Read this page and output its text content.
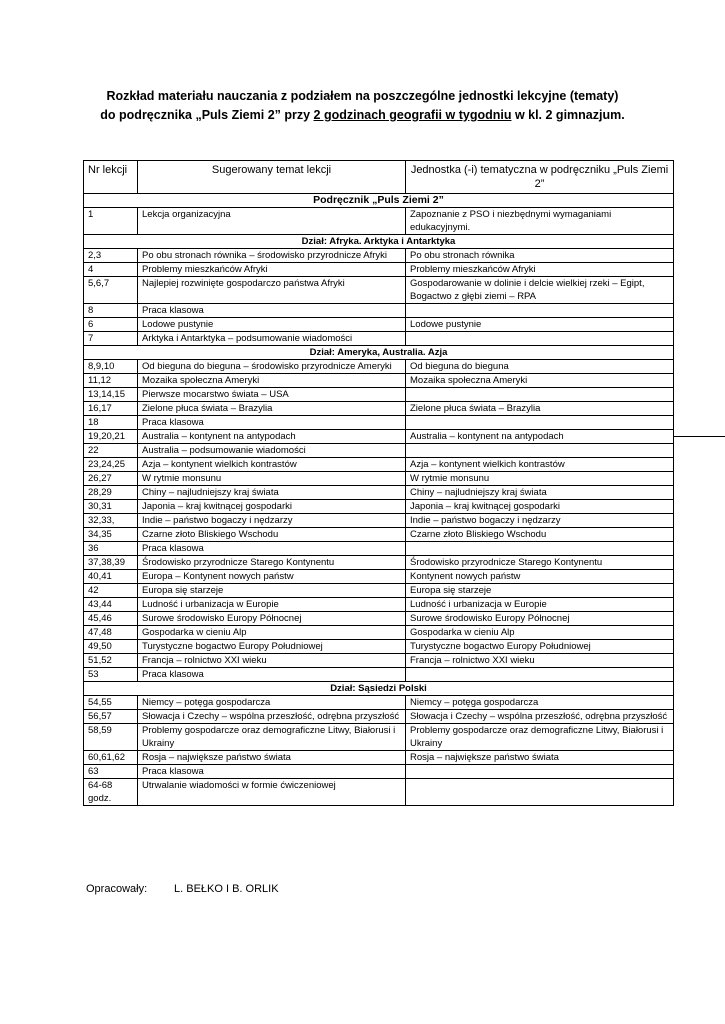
Rozkład materiału nauczania z podziałem na poszczególne jednostki lekcyjne (tematy)
do podręcznika „Puls Ziemi 2” przy 2 godzinach geografii w tygodniu w kl. 2 gimnazjum.
Nr lekcji	Sugerowany temat lekcji	Jednostka (-i) tematyczna w podręczniku „Puls Ziemi 2”
Podręcznik „Puls Ziemi 2”		
1	Lekcja organizacyjna	Zapoznanie z PSO i niezbędnymi wymaganiami edukacyjnymi.
Dział: Afryka. Arktyka i Antarktyka		
2,3	Po obu stronach równika – środowisko przyrodnicze Afryki	Po obu stronach równika
4	Problemy mieszkańców Afryki	Problemy mieszkańców Afryki
5,6,7	Najlepiej rozwinięte gospodarczo państwa Afryki	Gospodarowanie w dolinie i delcie wielkiej rzeki – Egipt, Bogactwo z głębi ziemi – RPA
8	Praca klasowa	
6	Lodowe pustynie	Lodowe pustynie
7	Arktyka i Antarktyka – podsumowanie wiadomości	
Dział: Ameryka, Australia. Azja		
8,9,10	Od bieguna do bieguna – środowisko przyrodnicze Ameryki	Od bieguna do bieguna
11,12	Mozaika społeczna Ameryki	Mozaika społeczna Ameryki
13,14,15	Pierwsze mocarstwo świata – USA	
16,17	Zielone płuca świata – Brazylia	Zielone płuca świata – Brazylia
18	Praca klasowa	
19,20,21	Australia – kontynent na antypodach	Australia – kontynent na antypodach
22	Australia – podsumowanie wiadomości	
23,24,25	Azja – kontynent wielkich kontrastów	Azja – kontynent wielkich kontrastów
26,27	W rytmie monsunu	W rytmie monsunu
28,29	Chiny – najludniejszy kraj świata	Chiny – najludniejszy kraj świata
30,31	Japonia – kraj kwitnącej gospodarki	Japonia – kraj kwitnącej gospodarki
32,33,	Indie – państwo bogaczy i nędzarzy	Indie – państwo bogaczy i nędzarzy
34,35	Czarne złoto Bliskiego Wschodu	Czarne złoto Bliskiego Wschodu
36	Praca klasowa	
37,38,39	Środowisko przyrodnicze Starego Kontynentu	Środowisko przyrodnicze Starego Kontynentu
40,41	Europa – Kontynent nowych państw	Kontynent nowych państw
42	Europa się starzeje	Europa się starzeje
43,44	Ludność i urbanizacja w Europie	Ludność i urbanizacja w Europie
45,46	Surowe środowisko Europy Północnej	Surowe środowisko Europy Północnej
47,48	Gospodarka w cieniu Alp	Gospodarka w cieniu Alp
49,50	Turystyczne bogactwo Europy Południowej	Turystyczne bogactwo Europy Południowej
51,52	Francja – rolnictwo XXI wieku	Francja – rolnictwo XXI wieku
53	Praca klasowa	
Dział: Sąsiedzi Polski		
54,55	Niemcy – potęga gospodarcza	Niemcy – potęga gospodarcza
56,57	Słowacja i Czechy – wspólna przeszłość, odrębna przyszłość	Słowacja i Czechy – wspólna przeszłość, odrębna przyszłość
58,59	Problemy gospodarcze oraz demograficzne Litwy, Białorusi i Ukrainy	Problemy gospodarcze oraz demograficzne Litwy, Białorusi i Ukrainy
60,61,62	Rosja – największe państwo świata	Rosja – największe państwo świata
63	Praca klasowa	
64-68 godz.	Utrwalanie wiadomości w formie ćwiczeniowej	
Opracowały: L. BEŁKO I B. ORLIK
